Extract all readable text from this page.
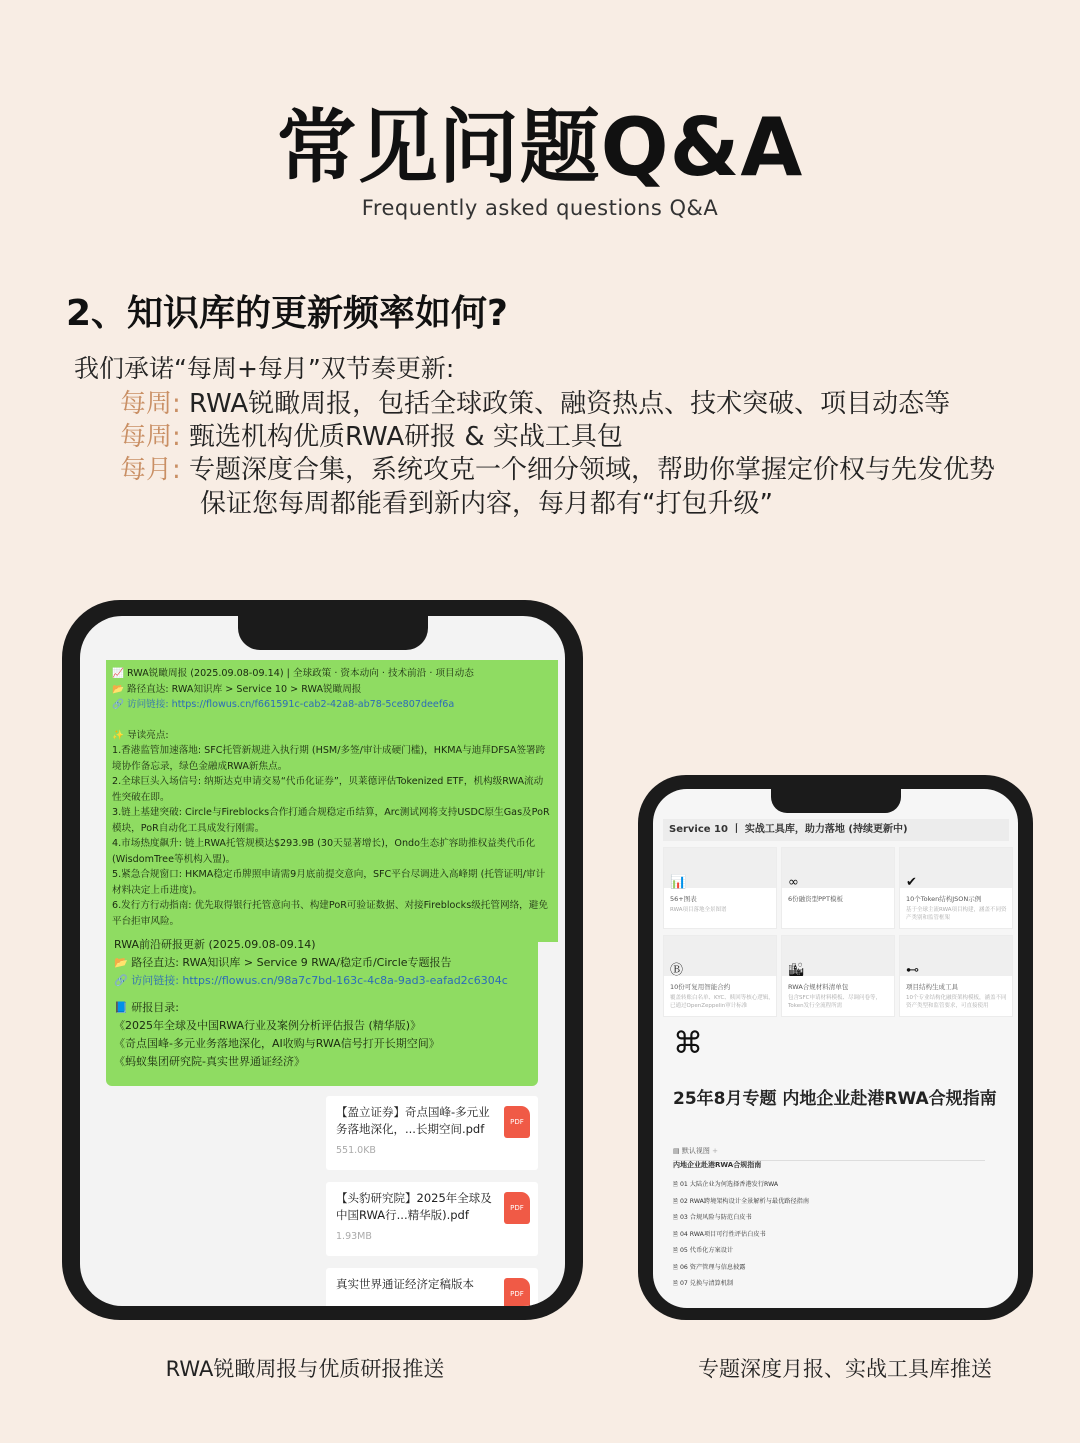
常见问题Q&A
Frequently asked questions Q&A
2、知识库的更新频率如何?
我们承诺“每周+每月”双节奏更新:
每周: RWA锐瞰周报，包括全球政策、融资热点、技术突破、项目动态等
每周: 甄选机构优质RWA研报 & 实战工具包
每月: 专题深度合集，系统攻克一个细分领域，帮助你掌握定价权与先发优势
保证您每周都能看到新内容，每月都有“打包升级”
📈 RWA锐瞰周报 (2025.09.08-09.14) | 全球政策 · 资本动向 · 技术前沿 · 项目动态
📂 路径直达: RWA知识库 > Service 10 > RWA锐瞰周报
🔗 访问链接: https://flowus.cn/f661591c-cab2-42a8-ab78-5ce807deef6a
✨ 导读亮点:
1.香港监管加速落地: SFC托管新规进入执行期 (HSM/多签/审计成硬门槛)，HKMA与迪拜DFSA签署跨境协作备忘录，绿色金融成RWA新焦点。
2.全球巨头入场信号: 纳斯达克申请交易“代币化证券”，贝莱德评估Tokenized ETF，机构级RWA流动性突破在即。
3.链上基建突破: Circle与Fireblocks合作打通合规稳定币结算，Arc测试网将支持USDC原生Gas及PoR模块，PoR自动化工具成发行刚需。
4.市场热度飙升: 链上RWA托管规模达$293.9B (30天显著增长)，Ondo生态扩容助推权益类代币化 (WisdomTree等机构入盟)。
5.紧急合规窗口: HKMA稳定币牌照申请需9月底前提交意向，SFC平台尽调进入高峰期 (托管证明/审计材料决定上币进度)。
6.发行方行动指南: 优先取得银行托管意向书、构建PoR可验证数据、对接Fireblocks级托管网络，避免平台拒审风险。
RWA前沿研报更新 (2025.09.08-09.14)
📂 路径直达: RWA知识库 > Service 9 RWA/稳定币/Circle专题报告
🔗 访问链接: https://flowus.cn/98a7c7bd-163c-4c8a-9ad3-eafad2c6304c
📘 研报目录:
《2025年全球及中国RWA行业及案例分析评估报告 (精华版)》
《奇点国峰-多元业务落地深化，AI收购与RWA信号打开长期空间》
《蚂蚁集团研究院-真实世界通证经济》
【盈立证券】奇点国峰-多元业务落地深化，...长期空间.pdf
551.0KB
PDF
【头豹研究院】2025年全球及中国RWA行...精华版).pdf
1.93MB
PDF
真实世界通证经济定稿版本
PDF
Service 10 丨 实战工具库，助力落地 (持续更新中)
📊
56+图表
RWA项目落地全景图谱
∞
6份融资型PPT模板
✔
10个Token结构JSON示例
基于全球主流RWA项目构建，涵盖不同资产类别和监管框架
Ⓑ
10份可复用智能合约
覆盖转账白名单、KYC、赎回等核心逻辑，已通过OpenZeppelin审计标准
🏙
RWA合规材料清单包
包含SFC申请材料模板、尽调问卷等，Token发行全流程所需
⊷
项目结构生成工具
10个专业结构化融资架构模板，涵盖不同资产类型和监管要求，可直接使用
⌘
25年8月专题 内地企业赴港RWA合规指南
▤ 默认视图 +
内地企业赴港RWA合规指南
🗎 01 大陆企业为何选择香港发行RWA
🗎 02 RWA跨境架构设计全景解析与最优路径指南
🗎 03 合规风险与防范白皮书
🗎 04 RWA项目可行性评估白皮书
🗎 05 代币化方案设计
🗎 06 资产管理与信息披露
🗎 07 兑换与清算机制
RWA锐瞰周报与优质研报推送	专题深度月报、实战工具库推送
